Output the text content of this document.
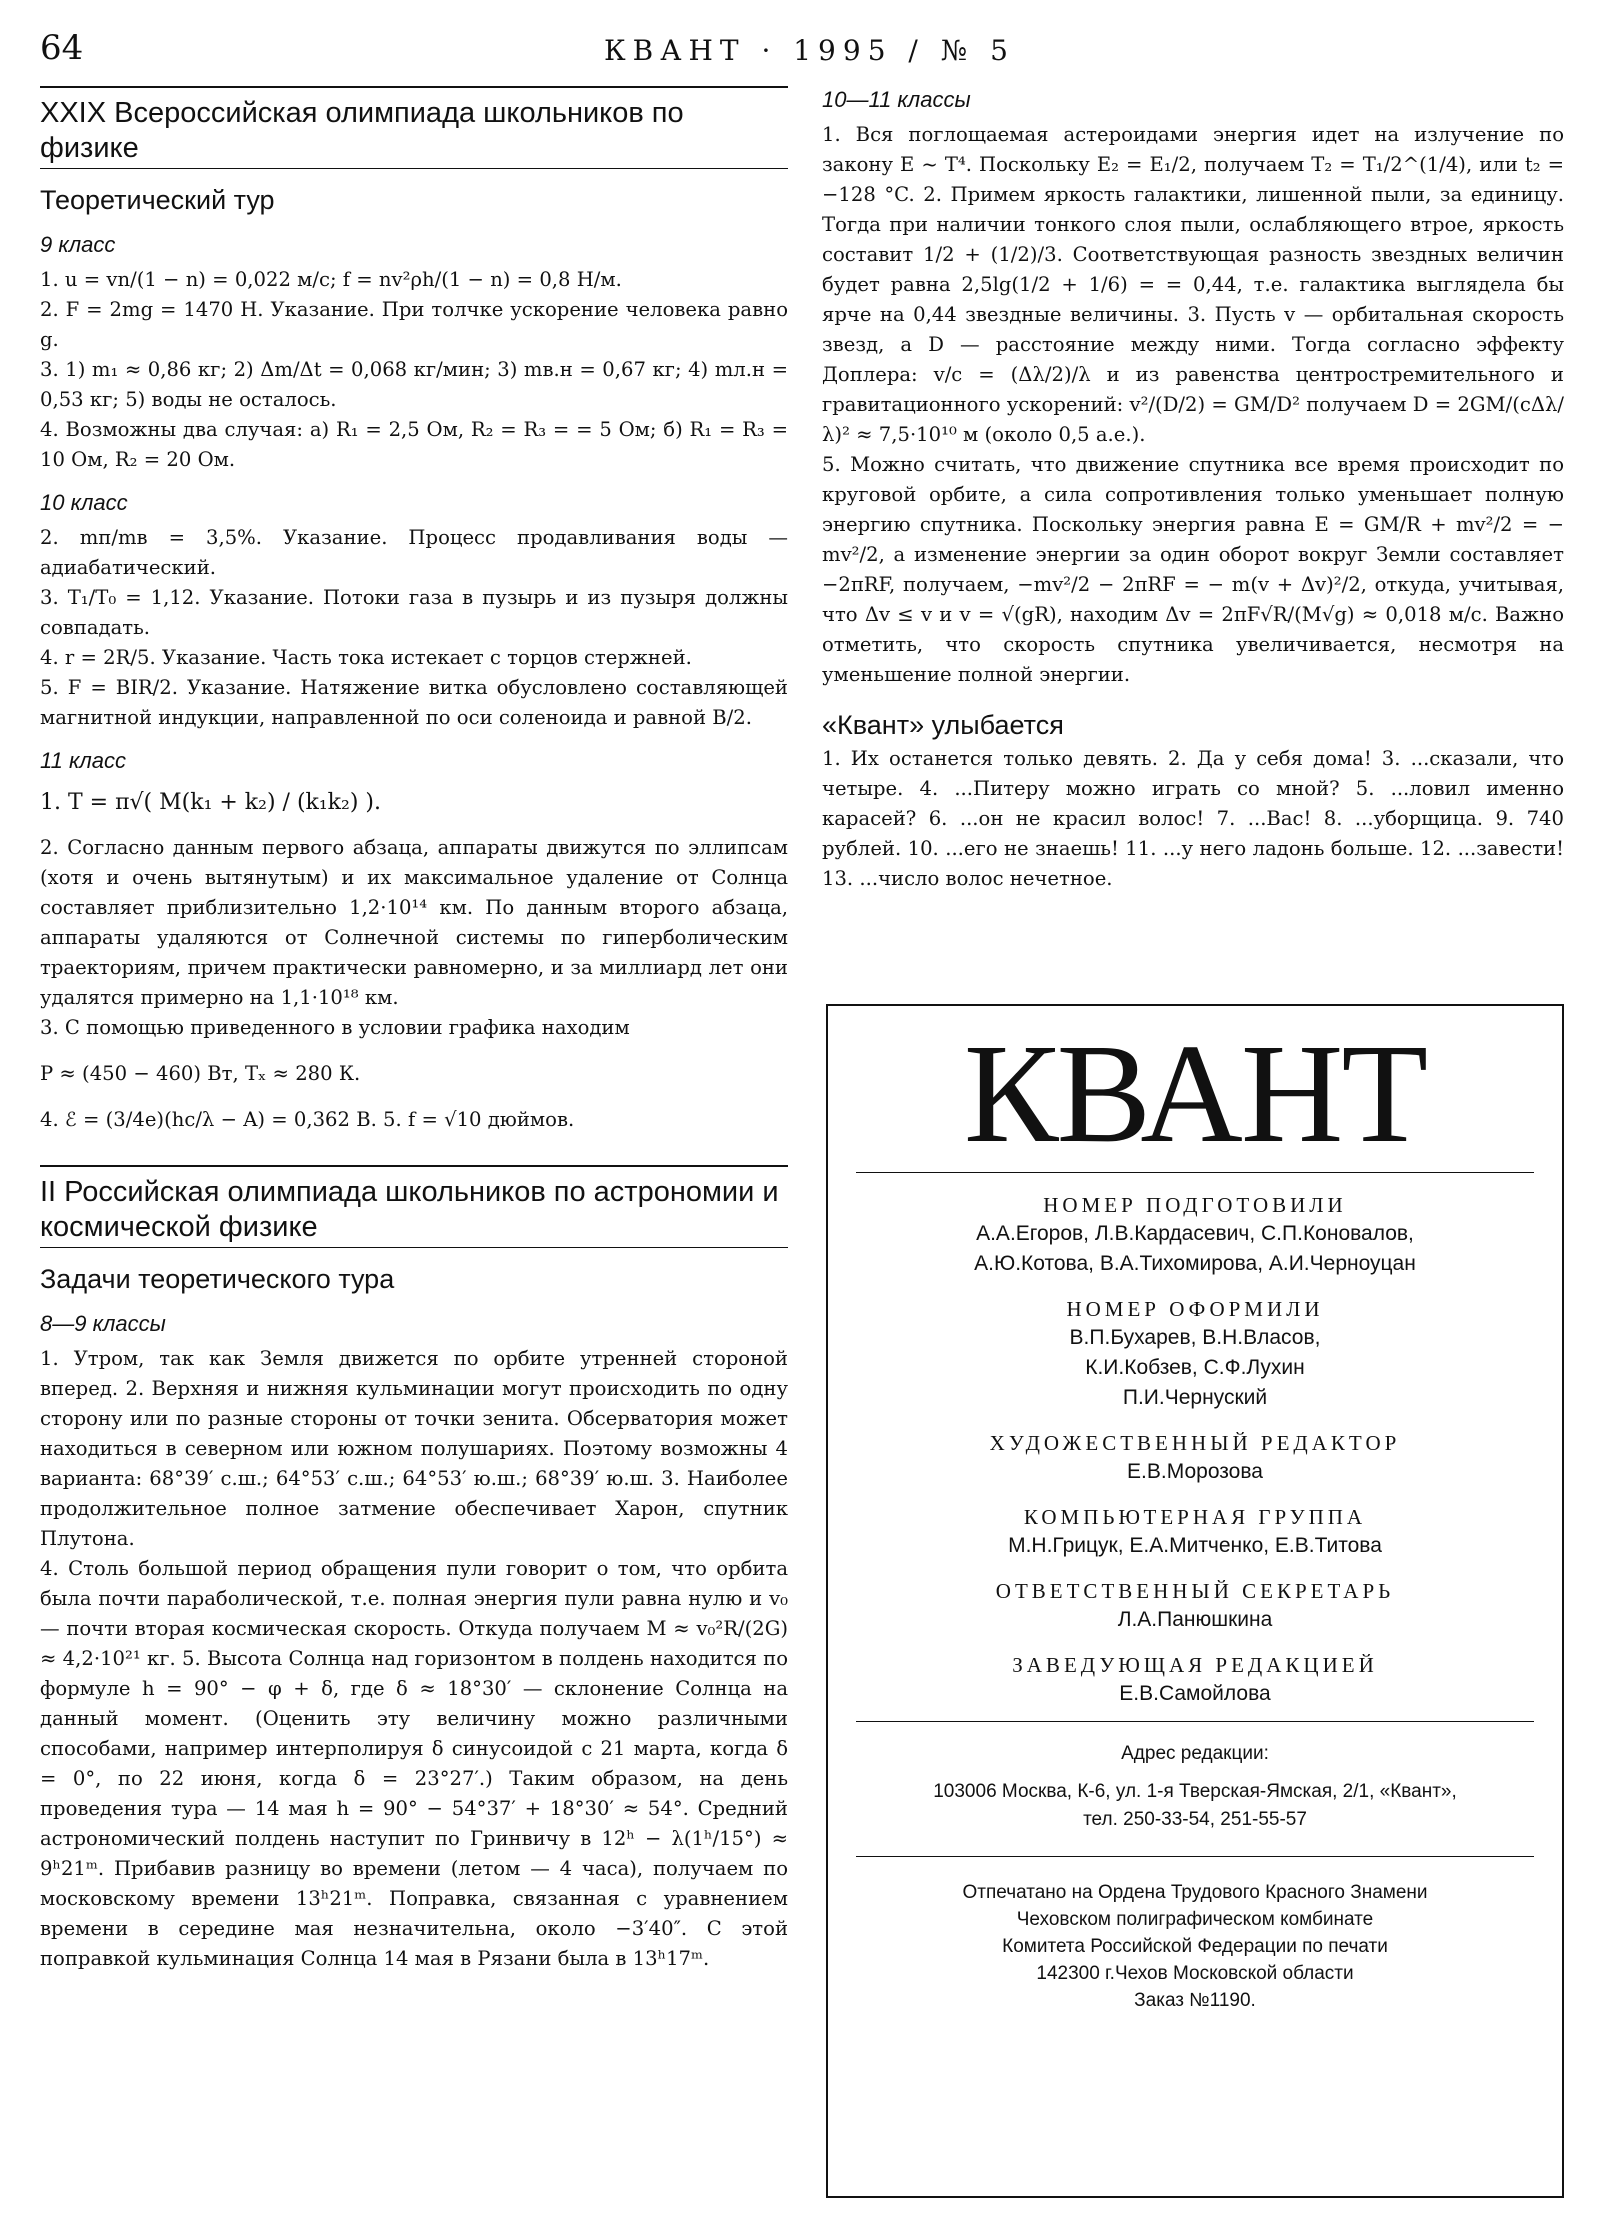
64	КВАНТ · 1995 / № 5
XXIX Всероссийская олимпиада школьников по физике
Теоретический тур
9 класс

1. u = vn/(1 − n) = 0,022 м/c; f = nv²ρh/(1 − n) = 0,8 Н/м.

2. F = 2mg = 1470 Н. Указание. При толчке ускорение человека равно g.

3. 1) m₁ ≈ 0,86 кг; 2) Δm/Δt = 0,068 кг/мин; 3) mв.н = 0,67 кг; 4) mл.н = 0,53 кг; 5) воды не осталось.

4. Возможны два случая: а) R₁ = 2,5 Ом, R₂ = R₃ = = 5 Ом; б) R₁ = R₃ = 10 Ом, R₂ = 20 Ом.

10 класс

2. mп/mв = 3,5%. Указание. Процесс продавливания воды — адиабатический.

3. T₁/T₀ = 1,12. Указание. Потоки газа в пузырь и из пузыря должны совпадать.

4. r = 2R/5. Указание. Часть тока истекает с торцов стержней.

5. F = BIR/2. Указание. Натяжение витка обусловлено составляющей магнитной индукции, направленной по оси соленоида и равной B/2.

11 класс

1. T = π√( M(k₁ + k₂) / (k₁k₂) ).

2. Согласно данным первого абзаца, аппараты движутся по эллипсам (хотя и очень вытянутым) и их максимальное удаление от Солнца составляет приблизительно 1,2·10¹⁴ км. По данным второго абзаца, аппараты удаляются от Солнечной системы по гиперболическим траекториям, причем практически равномерно, и за миллиард лет они удалятся примерно на 1,1·10¹⁸ км.

3. С помощью приведенного в условии графика находим

P ≈ (450 − 460) Вт, Tₓ ≈ 280 К.

4. ℰ = (3/4e)(hc/λ − A) = 0,362 В. 5. f = √10 дюймов.

II Российская олимпиада школьников по астрономии и космической физике
Задачи теоретического тура
8—9 классы

1. Утром, так как Земля движется по орбите утренней стороной вперед. 2. Верхняя и нижняя кульминации могут происходить по одну сторону или по разные стороны от точки зенита. Обсерватория может находиться в северном или южном полушариях. Поэтому возможны 4 варианта: 68°39′ с.ш.; 64°53′ с.ш.; 64°53′ ю.ш.; 68°39′ ю.ш. 3. Наиболее продолжительное полное затмение обеспечивает Харон, спутник Плутона.

4. Столь большой период обращения пули говорит о том, что орбита была почти параболической, т.е. полная энергия пули равна нулю и v₀ — почти вторая космическая скорость. Откуда получаем M ≈ v₀²R/(2G) ≈ 4,2·10²¹ кг. 5. Высота Солнца над горизонтом в полдень находится по формуле h = 90° − φ + δ, где δ ≈ 18°30′ — склонение Солнца на данный момент. (Оценить эту величину можно различными способами, например интерполируя δ синусоидой с 21 марта, когда δ = 0°, по 22 июня, когда δ = 23°27′.) Таким образом, на день проведения тура — 14 мая h = 90° − 54°37′ + 18°30′ ≈ 54°. Средний астрономический полдень наступит по Гринвичу в 12ʰ − λ(1ʰ/15°) ≈ 9ʰ21ᵐ. Прибавив разницу во времени (летом — 4 часа), получаем по московскому времени 13ʰ21ᵐ. Поправка, связанная с уравнением времени в середине мая незначительна, около −3′40″. С этой поправкой кульминация Солнца 14 мая в Рязани была в 13ʰ17ᵐ.

10—11 классы

1. Вся поглощаемая астероидами энергия идет на излучение по закону E ~ T⁴. Поскольку E₂ = E₁/2, получаем T₂ = T₁/2^(1/4), или t₂ = −128 °C. 2. Примем яркость галактики, лишенной пыли, за единицу. Тогда при наличии тонкого слоя пыли, ослабляющего втрое, яркость составит 1/2 + (1/2)/3. Соответствующая разность звездных величин будет равна 2,5lg(1/2 + 1/6) = = 0,44, т.е. галактика выглядела бы ярче на 0,44 звездные величины. 3. Пусть v — орбитальная скорость звезд, а D — расстояние между ними. Тогда согласно эффекту Доплера: v/c = (Δλ/2)/λ и из равенства центростремительного и гравитационного ускорений: v²/(D/2) = GM/D² получаем D = 2GM/(cΔλ/λ)² ≈ 7,5·10¹⁰ м (около 0,5 а.е.).

5. Можно считать, что движение спутника все время происходит по круговой орбите, а сила сопротивления только уменьшает полную энергию спутника. Поскольку энергия равна E = GM/R + mv²/2 = − mv²/2, а изменение энергии за один оборот вокруг Земли составляет −2πRF, получаем, −mv²/2 − 2πRF = − m(v + Δv)²/2, откуда, учитывая, что Δv ≤ v и v = √(gR), находим Δv = 2πF√R/(M√g) ≈ 0,018 м/c. Важно отметить, что скорость спутника увеличивается, несмотря на уменьшение полной энергии.

«Квант» улыбается

1. Их останется только девять. 2. Да у себя дома! 3. ...сказали, что четыре. 4. ...Питеру можно играть со мной? 5. ...ловил именно карасей? 6. ...он не красил волос! 7. ...Вас! 8. ...уборщица. 9. 740 рублей. 10. ...его не знаешь! 11. ...у него ладонь больше. 12. ...завести! 13. ...число волос нечетное.

КВАНТ
НОМЕР ПОДГОТОВИЛИ
А.А.Егоров, Л.В.Кардасевич, С.П.Коновалов,
А.Ю.Котова, В.А.Тихомирова, А.И.Черноуцан
НОМЕР ОФОРМИЛИ
В.П.Бухарев, В.Н.Власов,
К.И.Кобзев, С.Ф.Лухин
П.И.Чернуский
ХУДОЖЕСТВЕННЫЙ РЕДАКТОР
Е.В.Морозова
КОМПЬЮТЕРНАЯ ГРУППА
М.Н.Грицук, Е.А.Митченко, Е.В.Титова
ОТВЕТСТВЕННЫЙ СЕКРЕТАРЬ
Л.А.Панюшкина
ЗАВЕДУЮЩАЯ РЕДАКЦИЕЙ
Е.В.Самойлова
Адрес редакции:
103006 Москва, К-6, ул. 1-я Тверская-Ямская, 2/1, «Квант»,
тел. 250-33-54, 251-55-57
Отпечатано на Ордена Трудового Красного Знамени
Чеховском полиграфическом комбинате
Комитета Российской Федерации по печати
142300 г.Чехов Московской области
Заказ №1190.
